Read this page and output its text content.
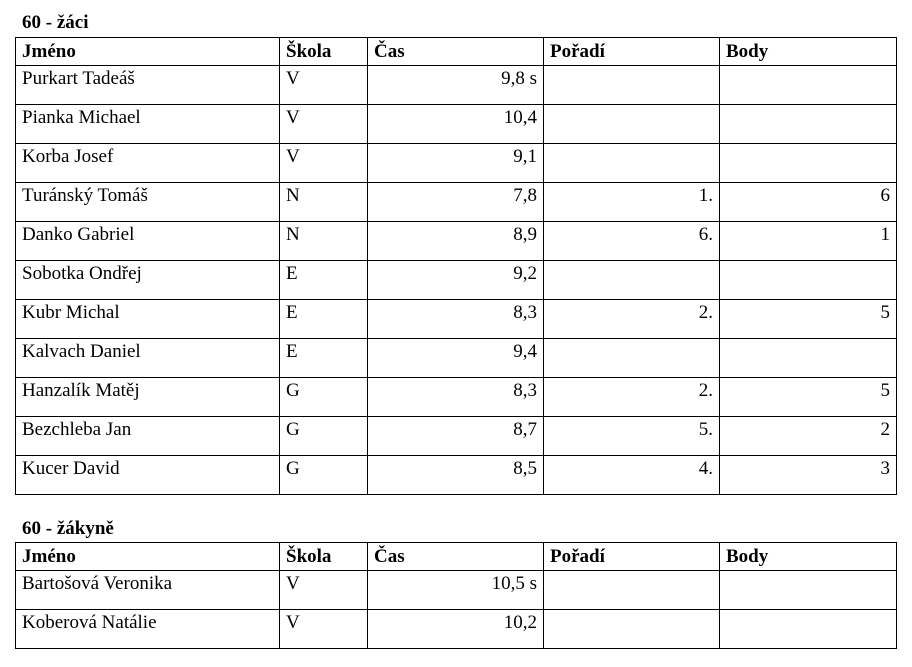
60 - žáci
Jméno	Škola	Čas	Pořadí	Body
Purkart Tadeáš	V	9,8 s		
Pianka Michael	V	10,4		
Korba Josef	V	9,1		
Turánský Tomáš	N	7,8	1.	6
Danko Gabriel	N	8,9	6.	1
Sobotka Ondřej	E	9,2		
Kubr Michal	E	8,3	2.	5
Kalvach Daniel	E	9,4		
Hanzalík Matěj	G	8,3	2.	5
Bezchleba Jan	G	8,7	5.	2
Kucer David	G	8,5	4.	3
60 - žákyně
Jméno	Škola	Čas	Pořadí	Body
Bartošová Veronika	V	10,5 s		
Koberová Natálie	V	10,2		
